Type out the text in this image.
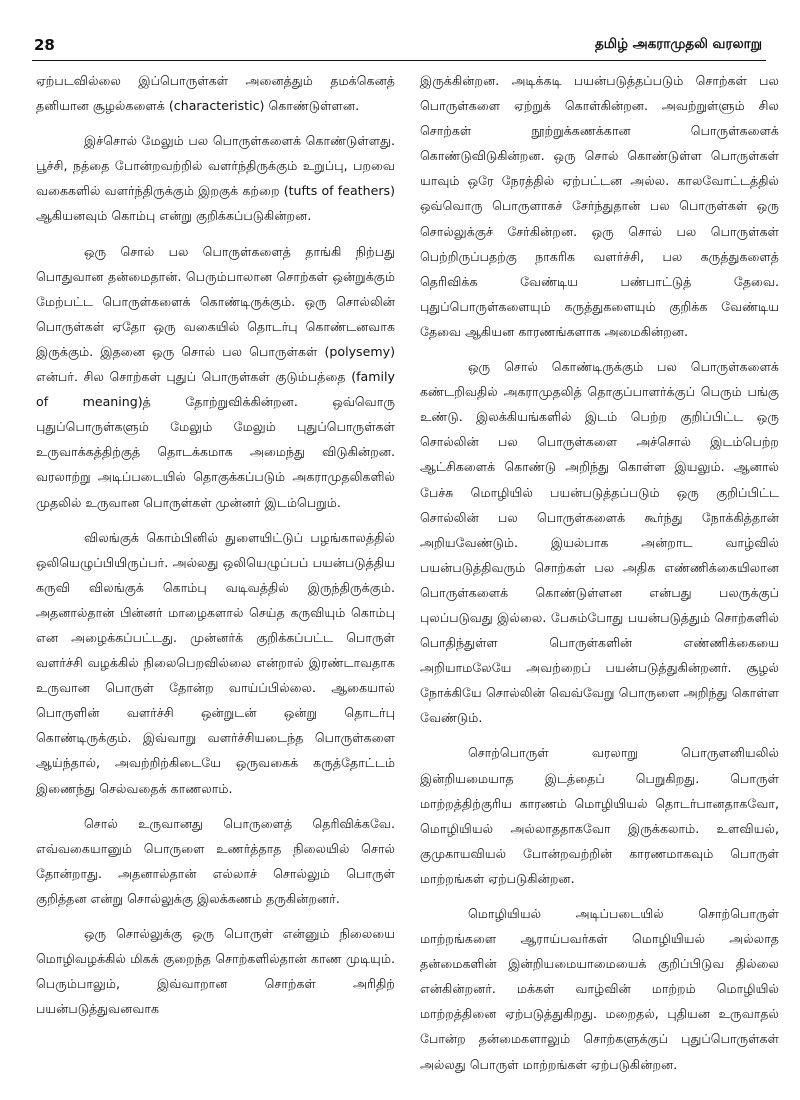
28	தமிழ் அகராமுதலி வரலாறு

ஏற்படவில்லை இப்பொருள்கள் அனைத்தும் தமக்கெனத் தனியான சூழல்களைக் (characteristic) கொண்டுள்ளன.

இச்சொல் மேலும் பல பொருள்களைக் கொண்டுள்ளது. பூச்சி, நத்தை போன்றவற்றில் வளர்ந்திருக்கும் உறுப்பு, பறவை வகைகளில் வளர்ந்திருக்கும் இறகுக் கற்றை (tufts of feathers) ஆகியனவும் கொம்பு என்று குறிக்கப்படுகின்றன.

ஒரு சொல் பல பொருள்களைத் தாங்கி நிற்பது பொதுவான தன்மைதான். பெரும்பாலான சொற்கள் ஒன்றுக்கும் மேற்பட்ட பொருள்களைக் கொண்டிருக்கும். ஒரு சொல்லின் பொருள்கள் ஏதோ ஒரு வகையில் தொடர்பு கொண்டனவாக இருக்கும். இதனை ஒரு சொல் பல பொருள்கள் (polysemy) என்பர். சில சொற்கள் புதுப் பொருள்கள் குடும்பத்தை (family of meaning)த் தோற்றுவிக்கின்றன. ஒவ்வொரு புதுப்பொருள்களும் மேலும் மேலும் புதுப்பொருள்கள் உருவாக்கத்திற்குத் தொடக்கமாக அமைந்து விடுகின்றன. வரலாற்று அடிப்படையில் தொகுக்கப்படும் அகராமுதலிகளில் முதலில் உருவான பொருள்கள் முன்னர் இடம்பெறும்.

விலங்குக் கொம்பினில் துளையிட்டுப் பழங்காலத்தில் ஒலியெழுப்பியிருப்பர். அல்லது ஒலியெழுப்பப் பயன்படுத்திய கருவி விலங்குக் கொம்பு வடிவத்தில் இருந்திருக்கும். அதனால்தான் பின்னர் மாழைகளால் செய்த கருவியும் கொம்பு என அழைக்கப்பட்டது. முன்னர்க் குறிக்கப்பட்ட பொருள் வளர்ச்சி வழக்கில் நிலைபெறவில்லை என்றால் இரண்டாவதாக உருவான பொருள் தோன்ற வாய்ப்பில்லை. ஆகையால் பொருளின் வளர்ச்சி ஒன்றுடன் ஒன்று தொடர்பு கொண்டிருக்கும். இவ்வாறு வளர்ச்சியடைந்த பொருள்களை ஆய்ந்தால், அவற்றிற்கிடையே ஒருவகைக் கருத்தோட்டம் இணைந்து செல்வதைக் காணலாம்.

சொல் உருவானது பொருளைத் தெரிவிக்கவே. எவ்வகையானும் பொருளை உணர்த்தாத நிலையில் சொல் தோன்றாது. அதனால்தான் எல்லாச் சொல்லும் பொருள் குறித்தன என்று சொல்லுக்கு இலக்கணம் தருகின்றனர்.

ஒரு சொல்லுக்கு ஒரு பொருள் என்னும் நிலையை மொழிவழக்கில் மிகக் குறைந்த சொற்களில்தான் காண முடியும். பெரும்பாலும், இவ்வாறான சொற்கள் அரிதிற் பயன்படுத்துவனவாக

இருக்கின்றன. அடிக்கடி பயன்படுத்தப்படும் சொற்கள் பல பொருள்களை ஏற்றுக் கொள்கின்றன. அவற்றுள்ளும் சில சொற்கள் நூற்றுக்கணக்கான பொருள்களைக் கொண்டுவிடுகின்றன. ஒரு சொல் கொண்டுள்ள பொருள்கள் யாவும் ஒரே நேரத்தில் ஏற்பட்டன அல்ல. காலவோட்டத்தில் ஒவ்வொரு பொருளாகச் சேர்ந்துதான் பல பொருள்கள் ஒரு சொல்லுக்குச் சேர்கின்றன. ஒரு சொல் பல பொருள்கள் பெற்றிருப்பதற்கு நாகரிக வளர்ச்சி, பல கருத்துகளைத் தெரிவிக்க வேண்டிய பண்பாட்டுத் தேவை. புதுப்பொருள்களையும் கருத்துகளையும் குறிக்க வேண்டிய தேவை ஆகியன காரணங்களாக அமைகின்றன.

ஒரு சொல் கொண்டிருக்கும் பல பொருள்களைக் கண்டறிவதில் அகராமுதலித் தொகுப்பாளர்க்குப் பெரும் பங்கு உண்டு. இலக்கியங்களில் இடம் பெற்ற குறிப்பிட்ட ஒரு சொல்லின் பல பொருள்களை அச்சொல் இடம்பெற்ற ஆட்சிகளைக் கொண்டு அறிந்து கொள்ள இயலும். ஆனால் பேச்சு மொழியில் பயன்படுத்தப்படும் ஒரு குறிப்பிட்ட சொல்லின் பல பொருள்களைக் கூர்ந்து நோக்கித்தான் அறியவேண்டும். இயல்பாக அன்றாட வாழ்வில் பயன்படுத்திவரும் சொற்கள் பல அதிக எண்ணிக்கையிலான பொருள்களைக் கொண்டுள்ளன என்பது பலருக்குப் புலப்படுவது இல்லை. பேசும்போது பயன்படுத்தும் சொற்களில் பொதிந்துள்ள பொருள்களின் எண்ணிக்கையை அறியாமலேயே அவற்றைப் பயன்படுத்துகின்றனர். சூழல் நோக்கியே சொல்லின் வெவ்வேறு பொருளை அறிந்து கொள்ள வேண்டும்.

சொற்பொருள் வரலாறு பொருளனியலில் இன்றியமையாத இடத்தைப் பெறுகிறது. பொருள் மாற்றத்திற்குரிய காரணம் மொழியியல் தொடர்பானதாகவோ, மொழியியல் அல்லாததாகவோ இருக்கலாம். உளவியல், குமுகாயவியல் போன்றவற்றின் காரணமாகவும் பொருள் மாற்றங்கள் ஏற்படுகின்றன.

மொழியியல் அடிப்படையில் சொற்பொருள் மாற்றங்களை ஆராய்பவர்கள் மொழியியல் அல்லாத தன்மைகளின் இன்றியமையாமையைக் குறிப்பிடுவ தில்லை என்கின்றனர். மக்கள் வாழ்வின் மாற்றம் மொழியில் மாற்றத்தினை ஏற்படுத்துகிறது. மறைதல், புதியன உருவாதல் போன்ற தன்மைகளாலும் சொற்களுக்குப் புதுப்பொருள்கள் அல்லது பொருள் மாற்றங்கள் ஏற்படுகின்றன.
